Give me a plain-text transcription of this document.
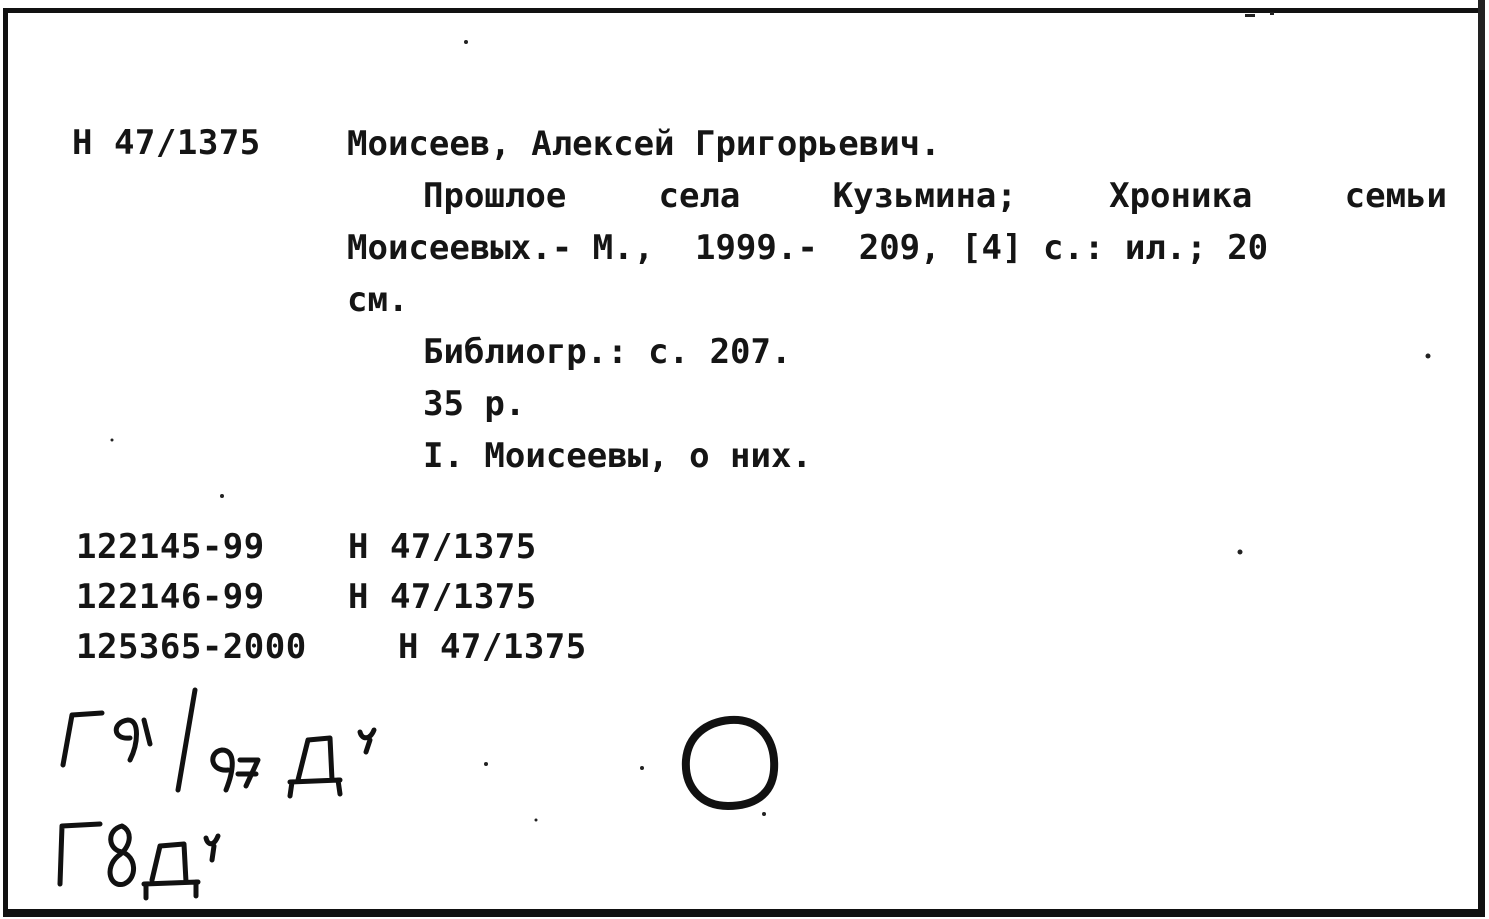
Н 47/1375	Моисеев, Алексей Григорьевич.
Прошлое села Кузьмина; Хроника семьи
Моисеевых.- М.,  1999.-  209, [4] с.: ил.; 20
см.
Библиогр.: с. 207.
35 р.
I. Моисеевы, о них.

122145-99 Н 47/1375

122146-99 Н 47/1375

125365-2000	Н 47/1375
